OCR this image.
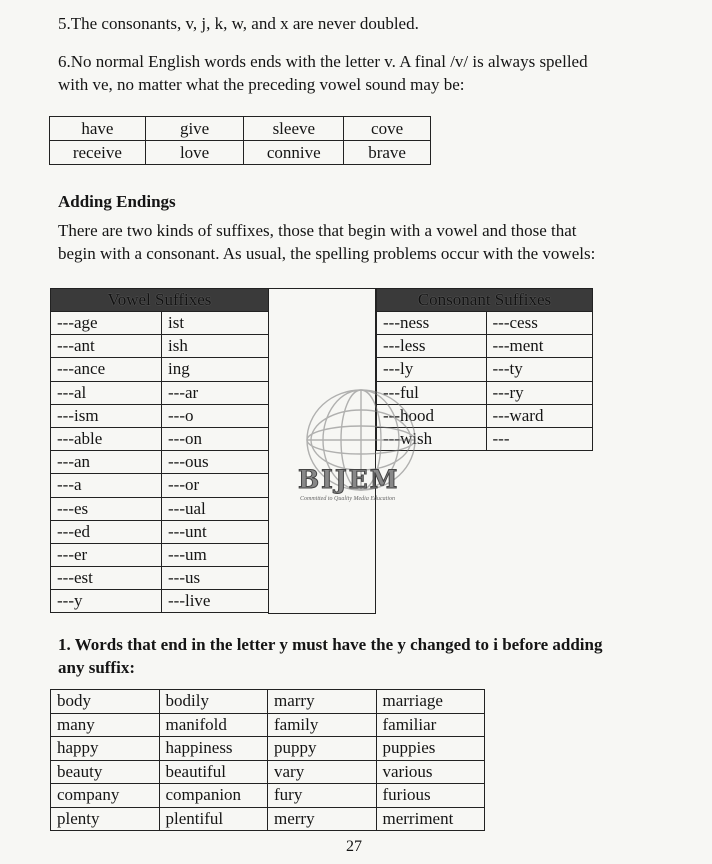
5.The consonants, v, j, k, w, and x are never doubled.

6.No normal English words ends with the letter v. A final /v/ is always spelled

with ve, no matter what the preceding vowel sound may be:

have	give	sleeve	cove
receive	love	connive	brave

Adding Endings

There are two kinds of suffixes, those that begin with a vowel and those that

begin with a consonant. As usual, the spelling problems occur with the vowels:

Vowel Suffixes	
---age	ist
---ant	ish
---ance	ing
---al	---ar
---ism	---o
---able	---on
---an	---ous
---a	---or
---es	---ual
---ed	---unt
---er	---um
---est	---us
---y	---live
Consonant Suffixes	
---ness	---cess
---less	---ment
---ly	---ty
---ful	---ry
---hood	---ward
---wish	---
BIJEM
Committed to Quality Media Education

1. Words that end in the letter y must have the y changed to i before adding

any suffix:

body	bodily	marry	marriage
many	manifold	family	familiar
happy	happiness	puppy	puppies
beauty	beautiful	vary	various
company	companion	fury	furious
plenty	plentiful	merry	merriment
27
